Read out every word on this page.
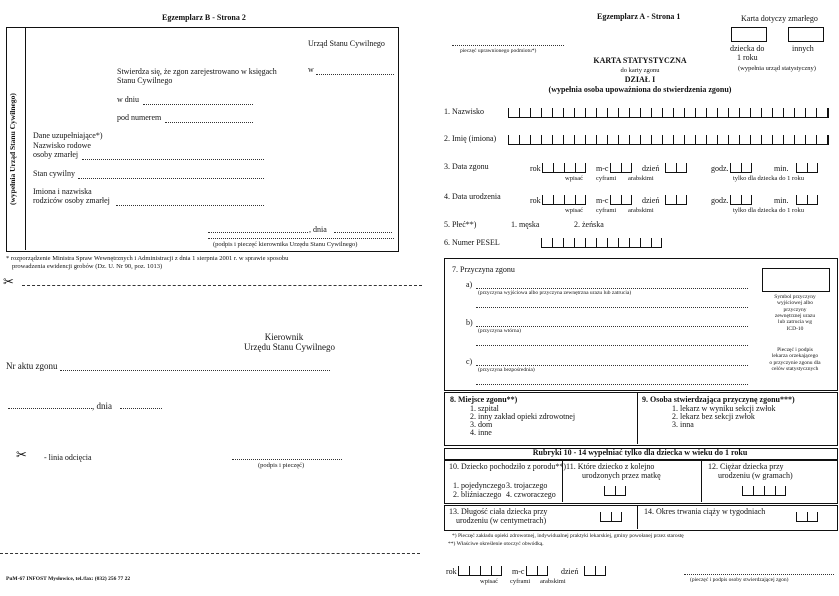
Egzemplarz B - Strona 2
(wypełnia Urząd Stanu Cywilnego)
Urząd Stanu Cywilnego
w
Stwierdza się, że zgon zarejestrowano w księgach
Stanu Cywilnego
w dniu
pod numerem
Dane uzupełniające*)
Nazwisko rodowe
osoby zmarłej
Stan cywilny
Imiona i nazwiska
rodziców osoby zmarłej
, dnia
(podpis i pieczęć kierownika Urzędu Stanu Cywilnego)
* rozporządzenie Ministra Spraw Wewnętrznych i Administracji z dnia 1 sierpnia 2001 r. w sprawie sposobu
prowadzenia ewidencji grobów (Dz. U. Nr 90, poz. 1013)
✂
Kierownik
Urzędu Stanu Cywilnego
Nr aktu zgonu
, dnia
✂ - linia odcięcia
(podpis i pieczęć)
PuM-67 INFOST Mysłowice, tel./fax: (032) 256 77 22
Egzemplarz A - Strona 1
pieczęć uprawnionego podmiotu*)
Karta dotyczy zmarłego
dziecka do
1 roku
innych
(wypełnia urząd statystyczny)
KARTA STATYSTYCZNA
do karty zgonu
DZIAŁ I
(wypełnia osoba upoważniona do stwierdzenia zgonu)
1. Nazwisko
2. Imię (imiona)
3. Data zgonu	rok	m-c	dzień
wpisać cyframi arabskimi
godz.	min.
tylko dla dziecka do 1 roku
4. Data urodzenia	rok	m-c	dzień
wpisać cyframi arabskimi
godz.	min.
tylko dla dziecka do 1 roku
5. Płeć**)	1. męska	2. żeńska
6. Numer PESEL
7. Przyczyna zgonu
Symbol przyczyny
wyjściowej albo
przyczyny
zewnętrznej urazu
lub zatrucia wg
ICD-10
Pieczęć i podpis
lekarza orzekającego
o przyczynie zgonu dla
celów statystycznych
a)
(przyczyna wyjściowa albo przyczyna zewnętrzna urazu lub zatrucia)
b)
(przyczyna wtórna)
c)
(przyczyna bezpośrednia)
8. Miejsce zgonu**)
1. szpital
2. inny zakład opieki zdrowotnej
3. dom
4. inne
9. Osoba stwierdzająca przyczynę zgonu***)
1. lekarz w wyniku sekcji zwłok
2. lekarz bez sekcji zwłok
3. inna
Rubryki 10 - 14 wypełniać tylko dla dziecka w wieku do 1 roku
10. Dziecko pochodziło z porodu**)
1. pojedynczego
2. bliźniaczego
3. trojaczego
4. czworaczego
11. Które dziecko z kolejno
urodzonych przez matkę
12. Ciężar dziecka przy
urodzeniu (w gramach)
13. Długość ciała dziecka przy
urodzeniu (w centymetrach)
14. Okres trwania ciąży w tygodniach
*) Pieczęć zakładu opieki zdrowotnej, indywidualnej praktyki lekarskiej, gminy powołanej przez starostę
**) Właściwe określenie otoczyć obwódką.
rok	m-c	dzień
wpisać cyframi arabskimi	(pieczęć i podpis osoby stwierdzającej zgon)
